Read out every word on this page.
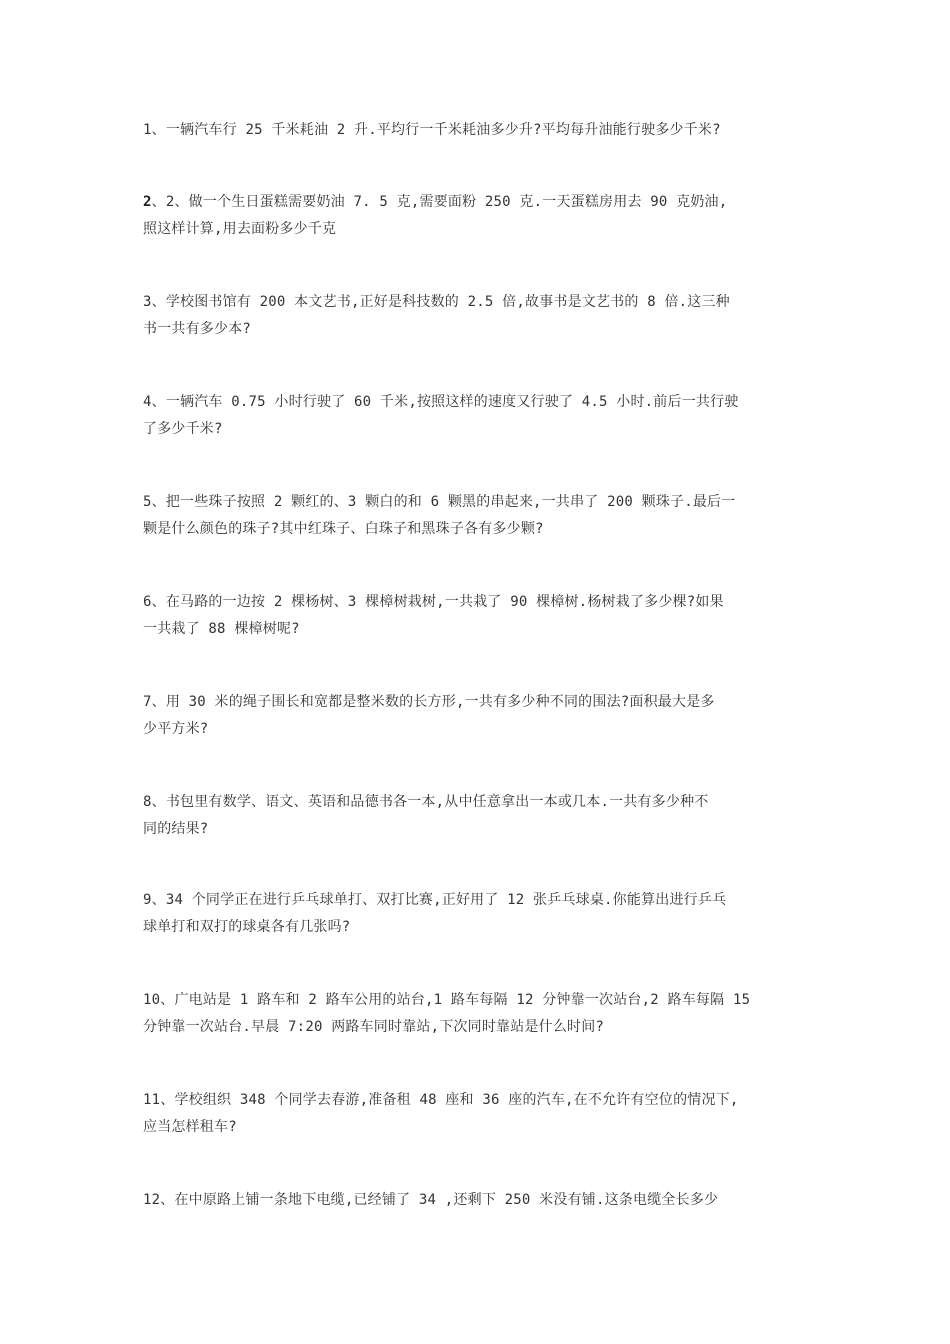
1、一辆汽车行 25 千米耗油 2 升.平均行一千米耗油多少升?平均每升油能行驶多少千米?
2、2、做一个生日蛋糕需要奶油 7. 5 克,需要面粉 250 克.一天蛋糕房用去 90 克奶油,
照这样计算,用去面粉多少千克
3、学校图书馆有 200 本文艺书,正好是科技数的 2.5 倍,故事书是文艺书的 8 倍.这三种
书一共有多少本?
4、一辆汽车 0.75 小时行驶了 60 千米,按照这样的速度又行驶了 4.5 小时.前后一共行驶
了多少千米?
5、把一些珠子按照 2 颗红的、3 颗白的和 6 颗黑的串起来,一共串了 200 颗珠子.最后一
颗是什么颜色的珠子?其中红珠子、白珠子和黑珠子各有多少颗?
6、在马路的一边按 2 棵杨树、3 棵樟树栽树,一共栽了 90 棵樟树.杨树栽了多少棵?如果
一共栽了 88 棵樟树呢?
7、用 30 米的绳子围长和宽都是整米数的长方形,一共有多少种不同的围法?面积最大是多
少平方米?
8、书包里有数学、语文、英语和品德书各一本,从中任意拿出一本或几本.一共有多少种不
同的结果?
9、34 个同学正在进行乒乓球单打、双打比赛,正好用了 12 张乒乓球桌.你能算出进行乒乓
球单打和双打的球桌各有几张吗?
10、广电站是 1 路车和 2 路车公用的站台,1 路车每隔 12 分钟靠一次站台,2 路车每隔 15
分钟靠一次站台.早晨 7:20 两路车同时靠站,下次同时靠站是什么时间?
11、学校组织 348 个同学去春游,准备租 48 座和 36 座的汽车,在不允许有空位的情况下,
应当怎样租车?
12、在中原路上铺一条地下电缆,已经铺了 34 ,还剩下 250 米没有铺.这条电缆全长多少
